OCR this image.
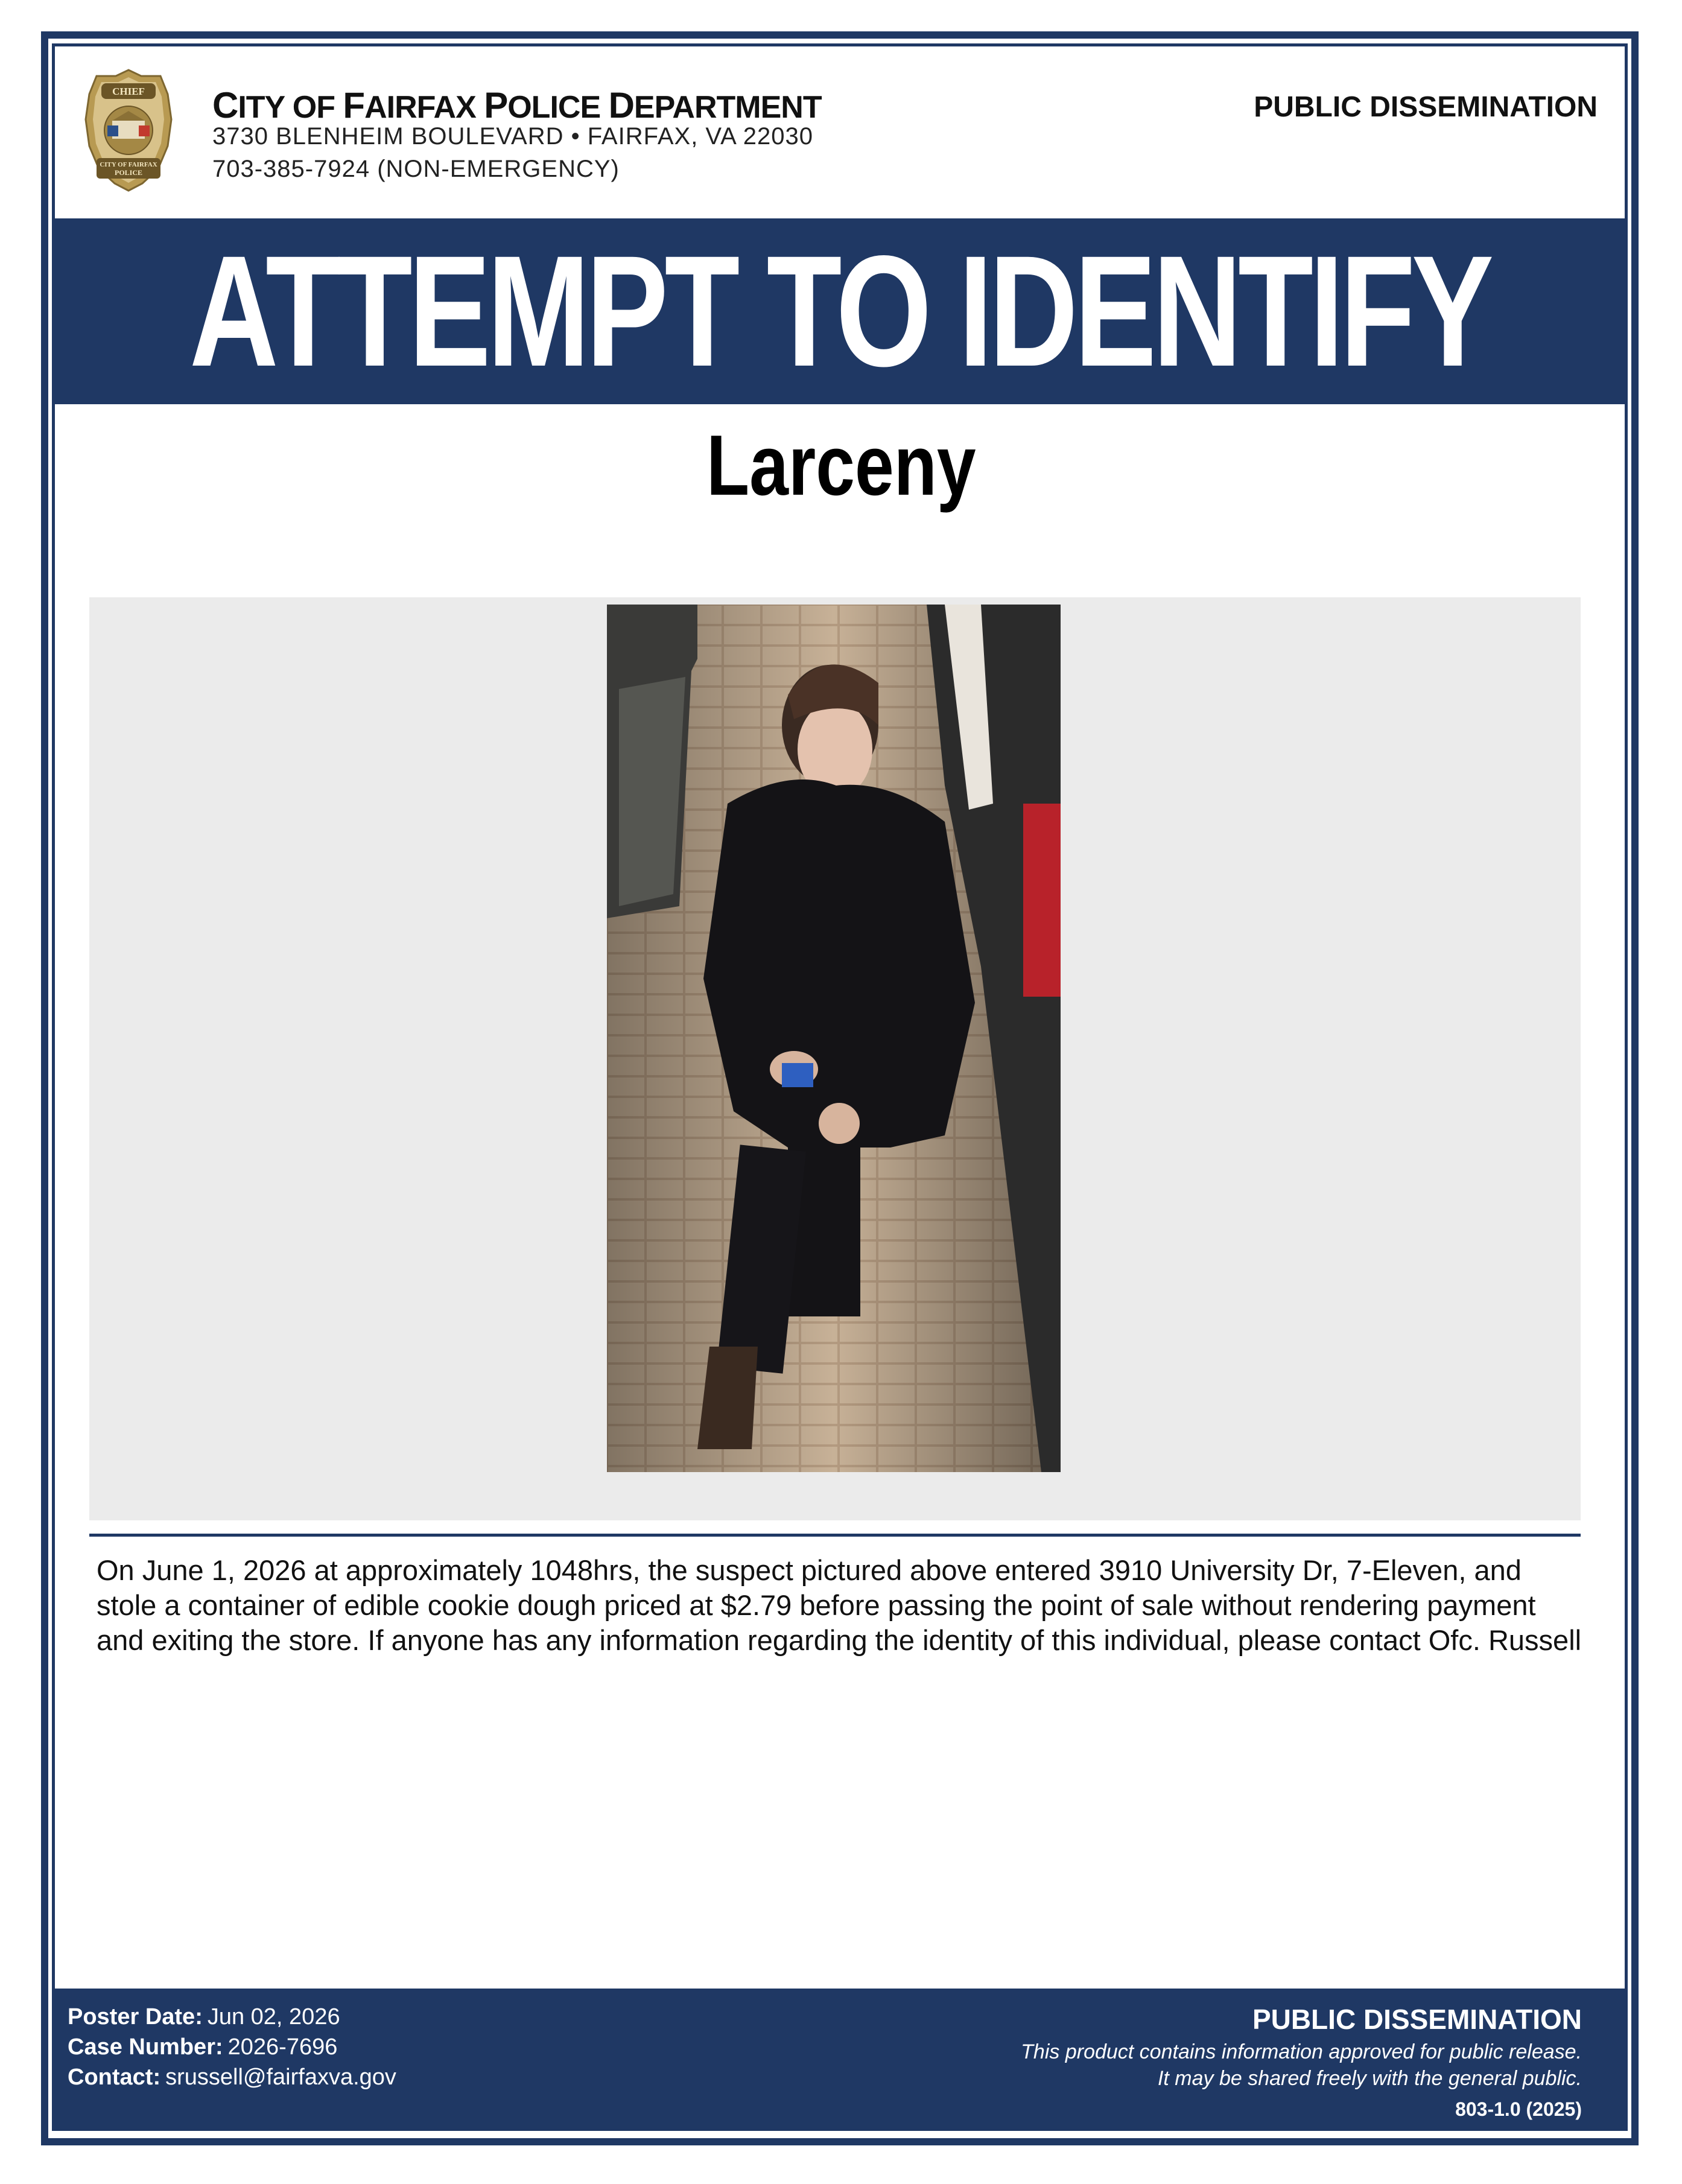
CHIEF
CITY OF FAIRFAX
POLICE
CITY OF FAIRFAX POLICE DEPARTMENT
3730 BLENHEIM BOULEVARD • FAIRFAX, VA 22030
703-385-7924 (NON-EMERGENCY)
PUBLIC DISSEMINATION
ATTEMPT TO IDENTIFY
Larceny
On June 1, 2026 at approximately 1048hrs, the suspect pictured above entered 3910 University Dr, 7-Eleven, and stole a container of edible cookie dough priced at $2.79 before passing the point of sale without rendering payment and exiting the store. If anyone has any information regarding the identity of this individual, please contact Ofc. Russell
Poster Date: Jun 02, 2026
Case Number: 2026-7696
Contact: srussell@fairfaxva.gov
PUBLIC DISSEMINATION
This product contains information approved for public release.
It may be shared freely with the general public.
803-1.0 (2025)
